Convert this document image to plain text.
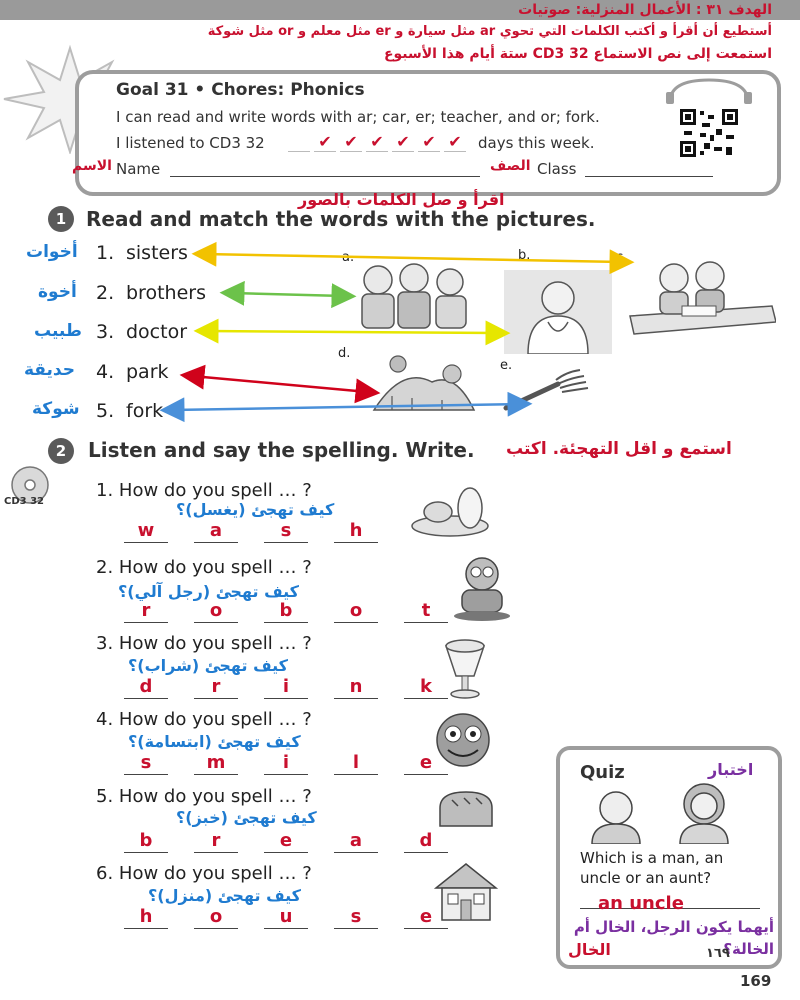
الهدف ٣١ : الأعمال المنزلية: صوتيات
أستطيع أن أقرأ و أكتب الكلمات التي تحوي ar مثل سيارة و er مثل معلم و or مثل شوكة
استمعت إلى نص الاستماع CD3 32 ستة أيام هذا الأسبوع
Goal 31 • Chores: Phonics
I can read and write words with ar; car, er; teacher, and or; fork.
I listened to CD3 32	✔ ✔ ✔ ✔ ✔ ✔ days this week.
الاسم Name	الصف Class
اقرأ و صل الكلمات بالصور
1 Read and match the words with the pictures.
أخوات 1. sisters
أخوة 2. brothers
طبيب 3. doctor
حديقة 4. park
شوكة 5. fork
b.	c.
d.
e.
2	Listen and say the spelling. Write. استمع و اقل التهجئة. اكتب
CD3 32
1. How do you spell … ?
كيف تهجئ (يغسل)؟
w	a	s	h
2. How do you spell … ?
كيف تهجئ (رجل آلي)؟
r	o	b	o	t
3. How do you spell … ?
كيف تهجئ (شراب)؟
d	r	i	n	k
4. How do you spell … ?
كيف تهجئ (ابتسامة)؟
s	m	i	l	e
5. How do you spell … ?
كيف تهجئ (خبز)؟
b	r	e	a	d
6. How do you spell … ?
كيف تهجئ (منزل)؟
h	o	u	s	e
Quiz	اختبار
Which is a man, an uncle or an aunt?
an uncle
أيهما يكون الرجل، الخال أم الخالة؟
الخال	١٦٩
169
